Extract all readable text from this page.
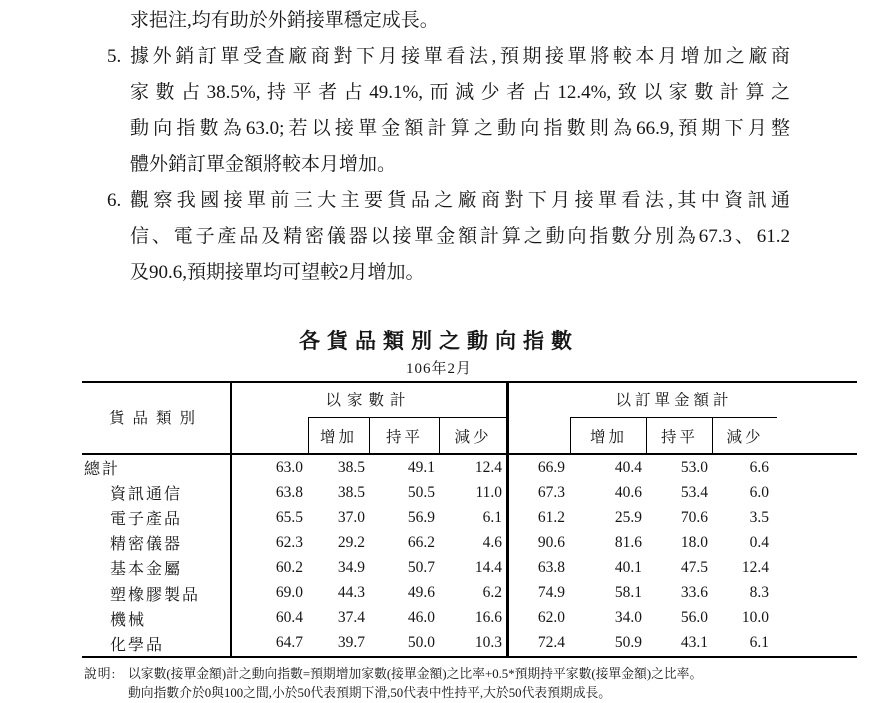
求挹注,均有助於外銷接單穩定成長。
5. 據外銷訂單受查廠商對下月接單看法,預期接單將較本月增加之廠商
家數占38.5%,持平者占49.1%,而減少者占12.4%,致以家數計算之
動向指數為63.0;若以接單金額計算之動向指數則為66.9,預期下月整
體外銷訂單金額將較本月增加。
6. 觀察我國接單前三大主要貨品之廠商對下月接單看法,其中資訊通
信、電子產品及精密儀器以接單金額計算之動向指數分別為67.3、61.2
及90.6,預期接單均可望較2月增加。
各貨品類別之動向指數
106年2月
貨品類別
以家數計	以訂單金額計
增加	持平	減少	增加	持平	減少
總計	63.0	38.5	49.1	12.4	66.9	40.4	53.0	6.6
資訊通信	63.8	38.5	50.5	11.0	67.3	40.6	53.4	6.0
電子產品	65.5	37.0	56.9	6.1	61.2	25.9	70.6	3.5
精密儀器	62.3	29.2	66.2	4.6	90.6	81.6	18.0	0.4
基本金屬	60.2	34.9	50.7	14.4	63.8	40.1	47.5	12.4
塑橡膠製品	69.0	44.3	49.6	6.2	74.9	58.1	33.6	8.3
機械	60.4	37.4	46.0	16.6	62.0	34.0	56.0	10.0
化學品	64.7	39.7	50.0	10.3	72.4	50.9	43.1	6.1
說明: 以家數(接單金額)計之動向指數=預期增加家數(接單金額)之比率+0.5*預期持平家數(接單金額)之比率。
動向指數介於0與100之間,小於50代表預期下滑,50代表中性持平,大於50代表預期成長。
